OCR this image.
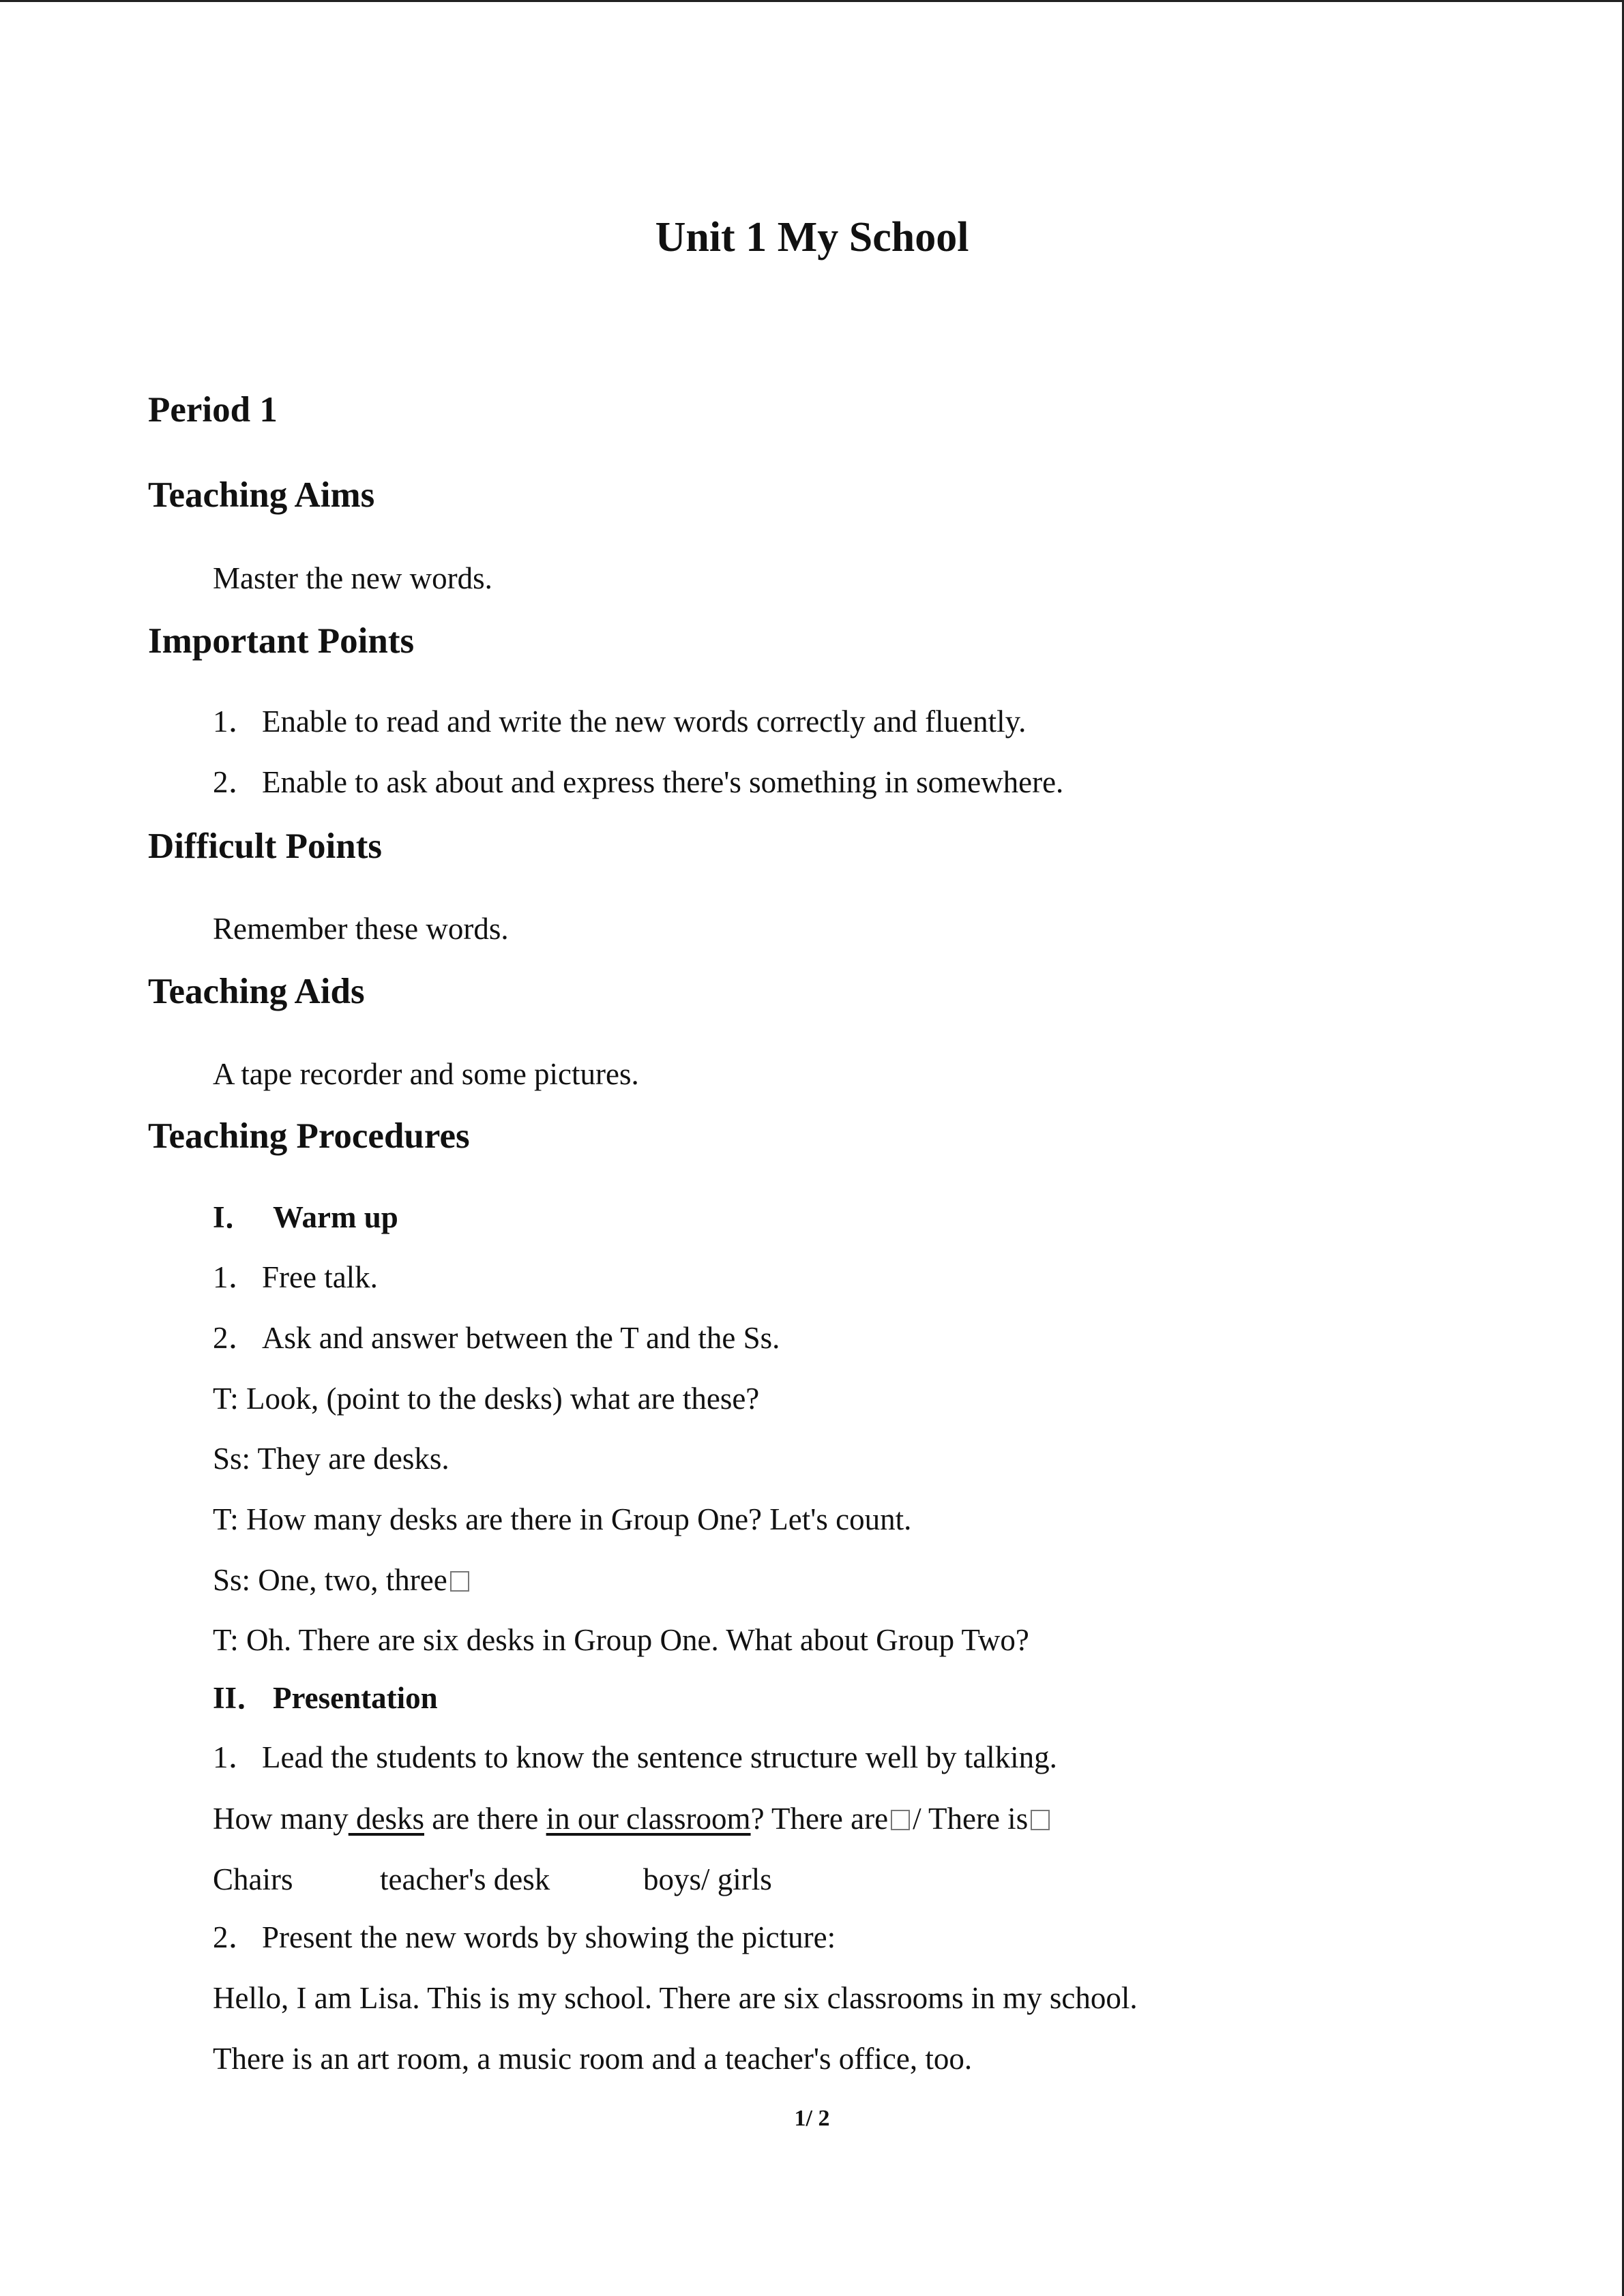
Unit 1 My School
Period 1
Teaching Aims

Master the new words.

Important Points

1．Enable to read and write the new words correctly and fluently.

2．Enable to ask about and express there's something in somewhere.

Difficult Points

Remember these words.

Teaching Aids

A tape recorder and some pictures.

Teaching Procedures

I． Warm up

1．Free talk.

2．Ask and answer between the T and the Ss.

T: Look, (point to the desks) what are these?

Ss: They are desks.

T: How many desks are there in Group One? Let's count.

Ss: One, two, three

T: Oh. There are six desks in Group One. What about Group Two?

II． Presentation

1．Lead the students to know the sentence structure well by talking.

How many desks are there in our classroom? There are / There is

Chairs	teacher's desk	boys/ girls

2．Present the new words by showing the picture:

Hello, I am Lisa. This is my school. There are six classrooms in my school.

There is an art room, a music room and a teacher's office, too.

1/ 2
